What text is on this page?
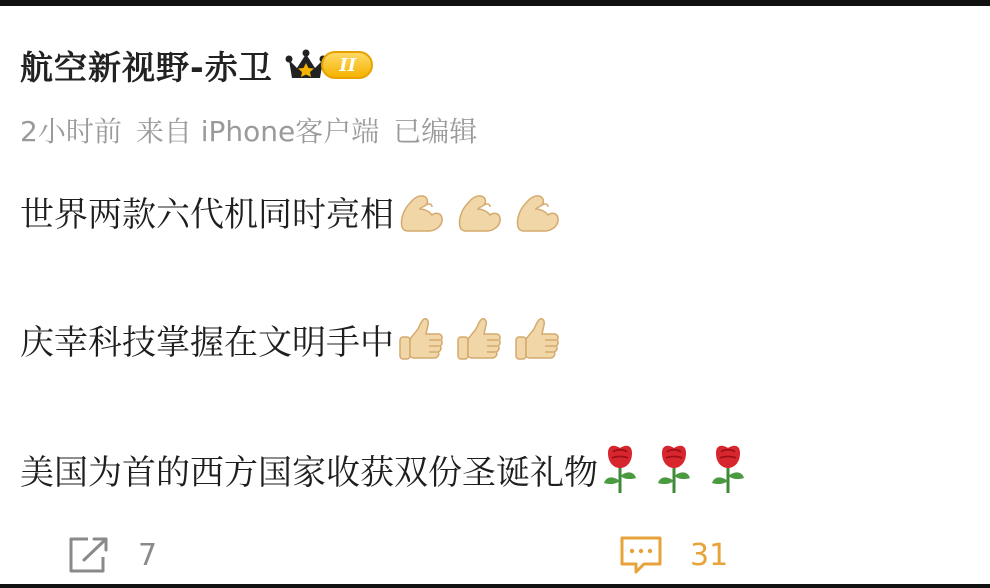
航空新视野-赤卫	II
2小时前 来自 iPhone客户端 已编辑
世界两款六代机同时亮相
庆幸科技掌握在文明手中
美国为首的西方国家收获双份圣诞礼物
7	31
